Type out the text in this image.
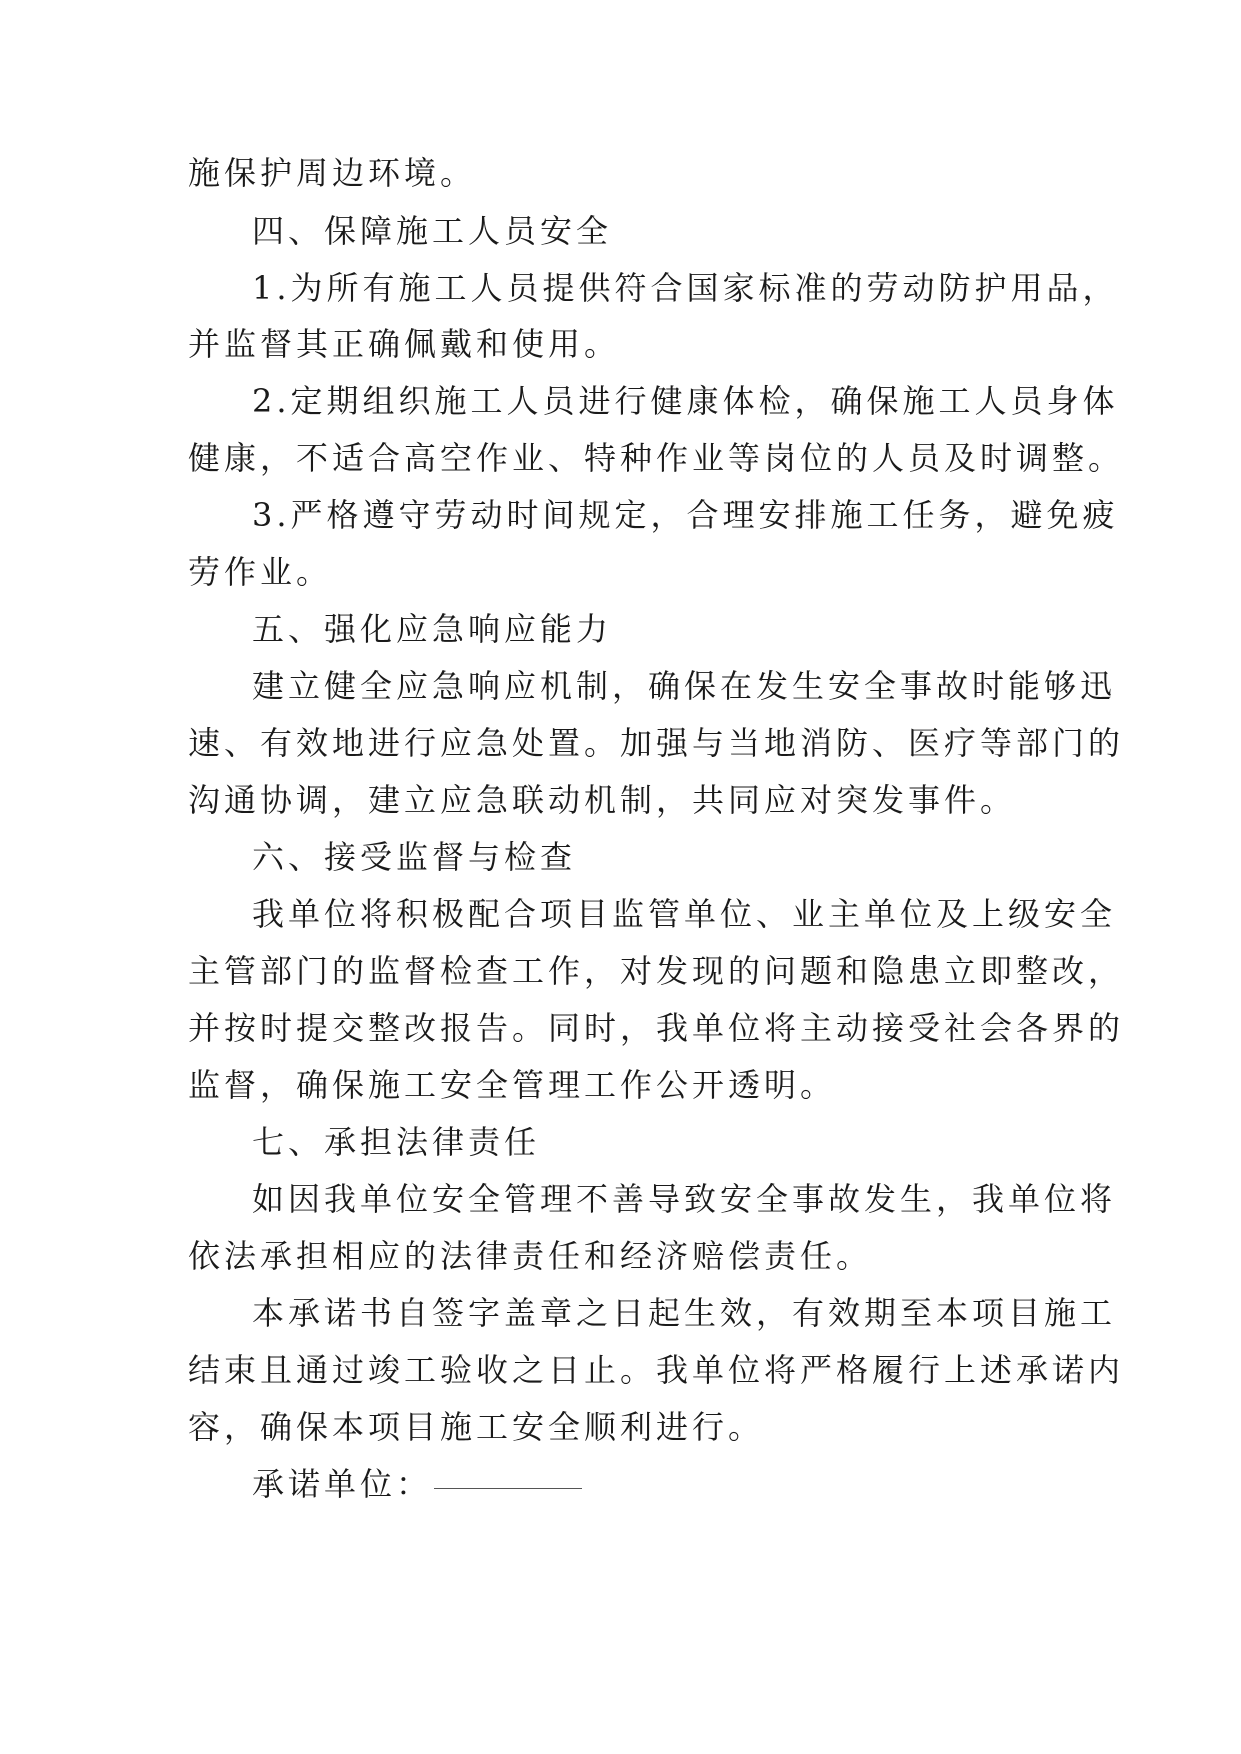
施保护周边环境。
四、保障施工人员安全
1.为所有施工人员提供符合国家标准的劳动防护用品，
并监督其正确佩戴和使用。
2.定期组织施工人员进行健康体检，确保施工人员身体
健康，不适合高空作业、特种作业等岗位的人员及时调整。
3.严格遵守劳动时间规定，合理安排施工任务，避免疲
劳作业。
五、强化应急响应能力
建立健全应急响应机制，确保在发生安全事故时能够迅
速、有效地进行应急处置。加强与当地消防、医疗等部门的
沟通协调，建立应急联动机制，共同应对突发事件。
六、接受监督与检查
我单位将积极配合项目监管单位、业主单位及上级安全
主管部门的监督检查工作，对发现的问题和隐患立即整改，
并按时提交整改报告。同时，我单位将主动接受社会各界的
监督，确保施工安全管理工作公开透明。
七、承担法律责任
如因我单位安全管理不善导致安全事故发生，我单位将
依法承担相应的法律责任和经济赔偿责任。
本承诺书自签字盖章之日起生效，有效期至本项目施工
结束且通过竣工验收之日止。我单位将严格履行上述承诺内
容，确保本项目施工安全顺利进行。
承诺单位：
